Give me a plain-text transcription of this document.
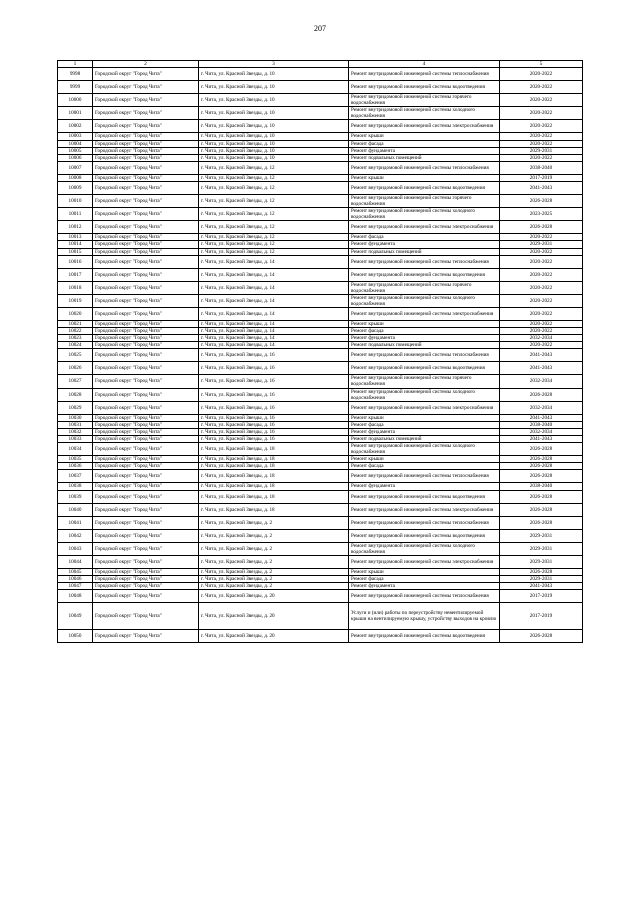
207
1	2	3	4	5
9998	Городской округ "Город Чита"	г. Чита, ул. Красной Звезды, д. 10	Ремонт внутридомовой инженерной системы теплоснабжения	2020-2022
9999	Городской округ "Город Чита"	г. Чита, ул. Красной Звезды, д. 10	Ремонт внутридомовой инженерной системы водоотведения	2020-2022
10000	Городской округ "Город Чита"	г. Чита, ул. Красной Звезды, д. 10	Ремонт внутридомовой инженерной системы горячего водоснабжения	2020-2022
10001	Городской округ "Город Чита"	г. Чита, ул. Красной Звезды, д. 10	Ремонт внутридомовой инженерной системы холодного водоснабжения	2020-2022
10002	Городской округ "Город Чита"	г. Чита, ул. Красной Звезды, д. 10	Ремонт внутридомовой инженерной системы электроснабжения	2020-2022
10003	Городской округ "Город Чита"	г. Чита, ул. Красной Звезды, д. 10	Ремонт крыши	2020-2022
10004	Городской округ "Город Чита"	г. Чита, ул. Красной Звезды, д. 10	Ремонт фасада	2020-2022
10005	Городской округ "Город Чита"	г. Чита, ул. Красной Звезды, д. 10	Ремонт фундамента	2029-2031
10006	Городской округ "Город Чита"	г. Чита, ул. Красной Звезды, д. 10	Ремонт подвальных помещений	2020-2022
10007	Городской округ "Город Чита"	г. Чита, ул. Красной Звезды, д. 12	Ремонт внутридомовой инженерной системы теплоснабжения	2038-2040
10008	Городской округ "Город Чита"	г. Чита, ул. Красной Звезды, д. 12	Ремонт крыши	2017-2019
10009	Городской округ "Город Чита"	г. Чита, ул. Красной Звезды, д. 12	Ремонт внутридомовой инженерной системы водоотведения	2041-2043
10010	Городской округ "Город Чита"	г. Чита, ул. Красной Звезды, д. 12	Ремонт внутридомовой инженерной системы горячего водоснабжения	2026-2028
10011	Городской округ "Город Чита"	г. Чита, ул. Красной Звезды, д. 12	Ремонт внутридомовой инженерной системы холодного водоснабжения	2023-2025
10012	Городской округ "Город Чита"	г. Чита, ул. Красной Звезды, д. 12	Ремонт внутридомовой инженерной системы электроснабжения	2026-2028
10013	Городской округ "Город Чита"	г. Чита, ул. Красной Звезды, д. 12	Ремонт фасада	2020-2022
10014	Городской округ "Город Чита"	г. Чита, ул. Красной Звезды, д. 12	Ремонт фундамента	2029-2031
10015	Городской округ "Город Чита"	г. Чита, ул. Красной Звезды, д. 12	Ремонт подвальных помещений	2020-2022
10016	Городской округ "Город Чита"	г. Чита, ул. Красной Звезды, д. 14	Ремонт внутридомовой инженерной системы теплоснабжения	2020-2022
10017	Городской округ "Город Чита"	г. Чита, ул. Красной Звезды, д. 14	Ремонт внутридомовой инженерной системы водоотведения	2020-2022
10018	Городской округ "Город Чита"	г. Чита, ул. Красной Звезды, д. 14	Ремонт внутридомовой инженерной системы горячего водоснабжения	2020-2022
10019	Городской округ "Город Чита"	г. Чита, ул. Красной Звезды, д. 14	Ремонт внутридомовой инженерной системы холодного водоснабжения	2020-2022
10020	Городской округ "Город Чита"	г. Чита, ул. Красной Звезды, д. 14	Ремонт внутридомовой инженерной системы электроснабжения	2020-2022
10021	Городской округ "Город Чита"	г. Чита, ул. Красной Звезды, д. 14	Ремонт крыши	2020-2022
10022	Городской округ "Город Чита"	г. Чита, ул. Красной Звезды, д. 14	Ремонт фасада	2020-2022
10023	Городской округ "Город Чита"	г. Чита, ул. Красной Звезды, д. 14	Ремонт фундамента	2032-2034
10024	Городской округ "Город Чита"	г. Чита, ул. Красной Звезды, д. 14	Ремонт подвальных помещений	2020-2022
10025	Городской округ "Город Чита"	г. Чита, ул. Красной Звезды, д. 16	Ремонт внутридомовой инженерной системы теплоснабжения	2041-2043
10026	Городской округ "Город Чита"	г. Чита, ул. Красной Звезды, д. 16	Ремонт внутридомовой инженерной системы водоотведения	2041-2043
10027	Городской округ "Город Чита"	г. Чита, ул. Красной Звезды, д. 16	Ремонт внутридомовой инженерной системы горячего водоснабжения	2032-2034
10028	Городской округ "Город Чита"	г. Чита, ул. Красной Звезды, д. 16	Ремонт внутридомовой инженерной системы холодного водоснабжения	2026-2028
10029	Городской округ "Город Чита"	г. Чита, ул. Красной Звезды, д. 16	Ремонт внутридомовой инженерной системы электроснабжения	2032-2034
10030	Городской округ "Город Чита"	г. Чита, ул. Красной Звезды, д. 16	Ремонт крыши	2041-2043
10031	Городской округ "Город Чита"	г. Чита, ул. Красной Звезды, д. 16	Ремонт фасада	2038-2040
10032	Городской округ "Город Чита"	г. Чита, ул. Красной Звезды, д. 16	Ремонт фундамента	2032-2034
10033	Городской округ "Город Чита"	г. Чита, ул. Красной Звезды, д. 16	Ремонт подвальных помещений	2041-2043
10034	Городской округ "Город Чита"	г. Чита, ул. Красной Звезды, д. 18	Ремонт внутридомовой инженерной системы холодного водоснабжения	2026-2028
10035	Городской округ "Город Чита"	г. Чита, ул. Красной Звезды, д. 18	Ремонт крыши	2026-2028
10036	Городской округ "Город Чита"	г. Чита, ул. Красной Звезды, д. 18	Ремонт фасада	2026-2028
10037	Городской округ "Город Чита"	г. Чита, ул. Красной Звезды, д. 18	Ремонт внутридомовой инженерной системы теплоснабжения	2026-2028
10038	Городской округ "Город Чита"	г. Чита, ул. Красной Звезды, д. 18	Ремонт фундамента	2038-2040
10039	Городской округ "Город Чита"	г. Чита, ул. Красной Звезды, д. 18	Ремонт внутридомовой инженерной системы водоотведения	2026-2028
10040	Городской округ "Город Чита"	г. Чита, ул. Красной Звезды, д. 18	Ремонт внутридомовой инженерной системы электроснабжения	2026-2028
10041	Городской округ "Город Чита"	г. Чита, ул. Красной Звезды, д. 2	Ремонт внутридомовой инженерной системы теплоснабжения	2026-2028
10042	Городской округ "Город Чита"	г. Чита, ул. Красной Звезды, д. 2	Ремонт внутридомовой инженерной системы водоотведения	2029-2031
10043	Городской округ "Город Чита"	г. Чита, ул. Красной Звезды, д. 2	Ремонт внутридомовой инженерной системы холодного водоснабжения	2029-2031
10044	Городской округ "Город Чита"	г. Чита, ул. Красной Звезды, д. 2	Ремонт внутридомовой инженерной системы электроснабжения	2029-2031
10045	Городской округ "Город Чита"	г. Чита, ул. Красной Звезды, д. 2	Ремонт крыши	2026-2028
10046	Городской округ "Город Чита"	г. Чита, ул. Красной Звезды, д. 2	Ремонт фасада	2029-2031
10047	Городской округ "Город Чита"	г. Чита, ул. Красной Звезды, д. 2	Ремонт фундамента	2041-2043
10048	Городской округ "Город Чита"	г. Чита, ул. Красной Звезды, д. 20	Ремонт внутридомовой инженерной системы теплоснабжения	2017-2019
10049	Городской округ "Город Чита"	г. Чита, ул. Красной Звезды, д. 20	Услуги и (или) работы по переустройству невентилируемой крыши на вентилируемую крышу, устройству выходов на кровлю	2017-2019
10050	Городской округ "Город Чита"	г. Чита, ул. Красной Звезды, д. 20	Ремонт внутридомовой инженерной системы водоотведения	2026-2028
